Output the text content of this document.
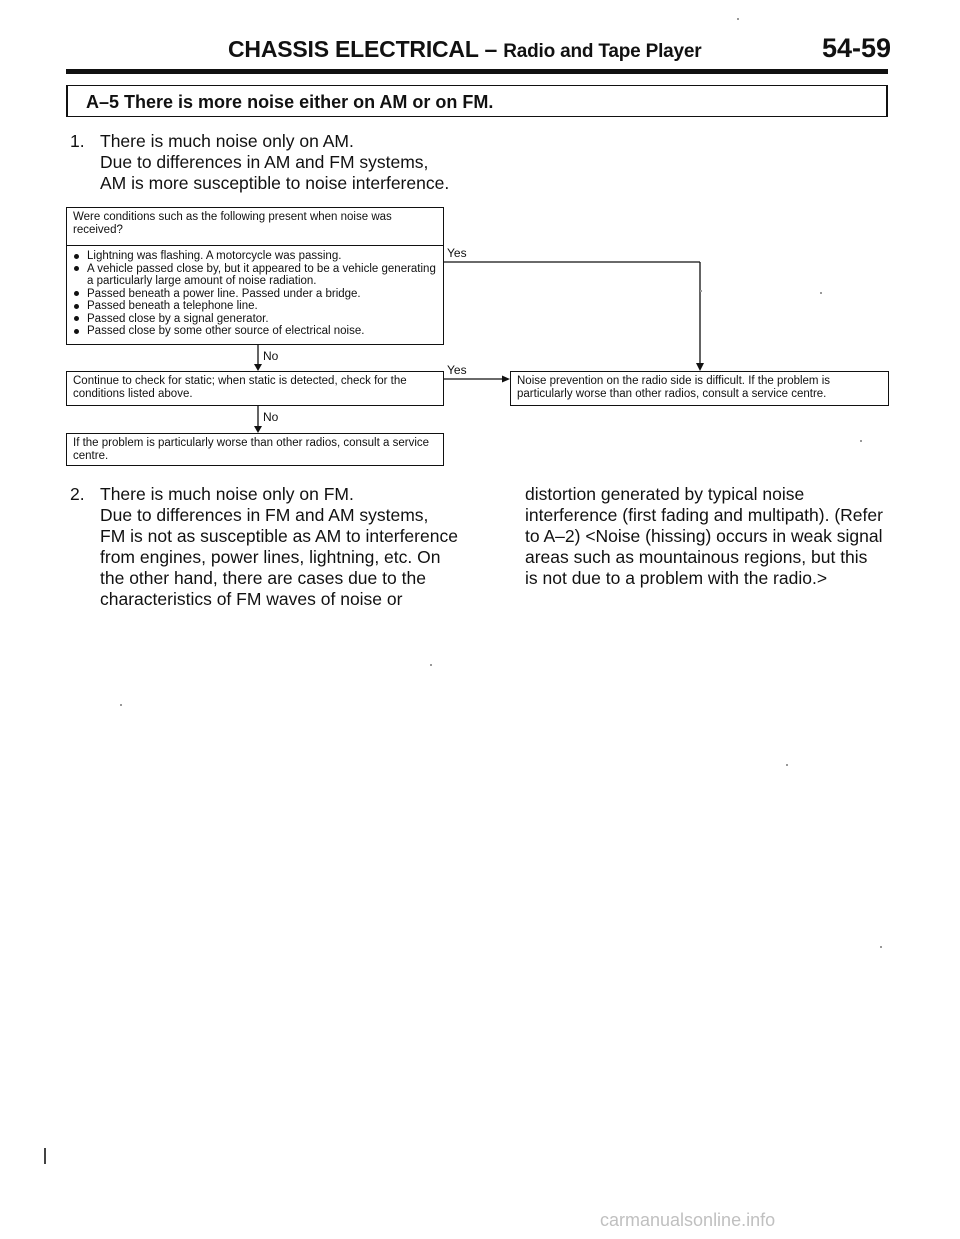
CHASSIS ELECTRICAL – Radio and Tape Player	54-59
A–5 There is more noise either on AM or on FM.
1. There is much noise only on AM.
Due to differences in AM and FM systems,
AM is more susceptible to noise interference.
Were conditions such as the following present when noise was received?
Lightning was flashing. A motorcycle was passing.
A vehicle passed close by, but it appeared to be a vehicle generating a particularly large amount of noise radiation.
Passed beneath a power line. Passed under a bridge.
Passed beneath a telephone line.
Passed close by a signal generator.
Passed close by some other source of electrical noise.
Continue to check for static; when static is detected, check for the conditions listed above.
If the problem is particularly worse than other radios, consult a service centre.
Noise prevention on the radio side is difficult. If the problem is particularly worse than other radios, consult a service centre.
Yes
Yes
No
No
2. There is much noise only on FM.
Due to differences in FM and AM systems,
FM is not as susceptible as AM to interference
from engines, power lines, lightning, etc. On
the other hand, there are cases due to the
characteristics of FM waves of noise or
distortion generated by typical noise
interference (first fading and multipath). (Refer
to A–2) <Noise (hissing) occurs in weak signal
areas such as mountainous regions, but this
is not due to a problem with the radio.>
carmanualsonline.info
